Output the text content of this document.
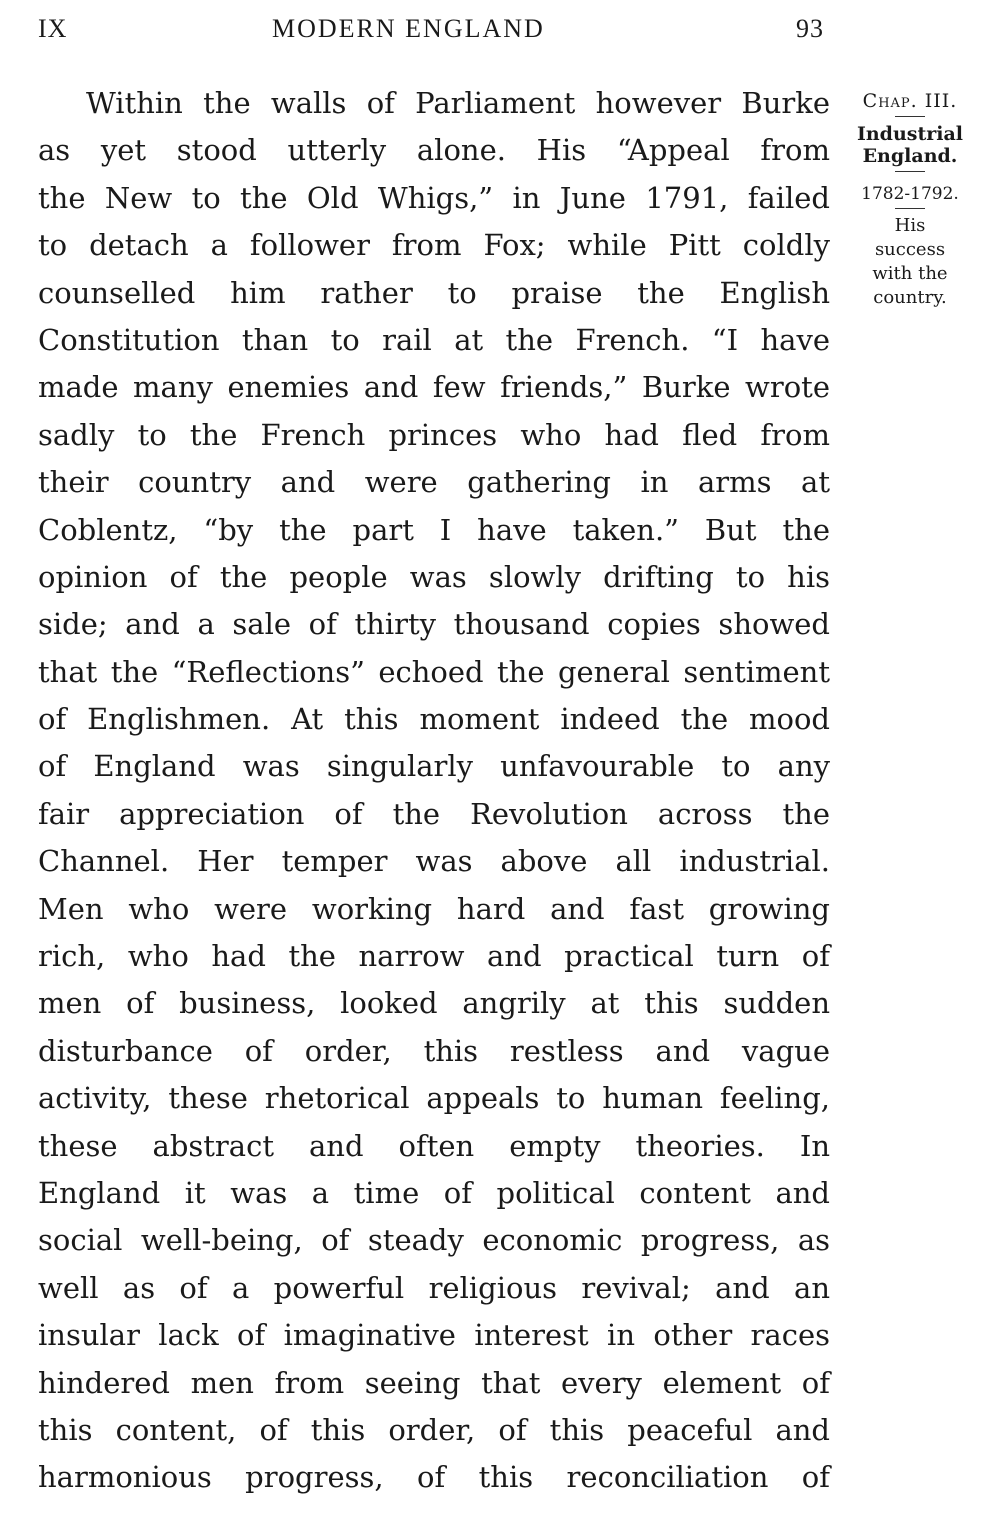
IX	MODERN ENGLAND	93
Within the walls of Parliament however Burke
as yet stood utterly alone. His “Appeal from
the New to the Old Whigs,” in June 1791, failed
to detach a follower from Fox; while Pitt coldly
counselled him rather to praise the English
Constitution than to rail at the French. “I have
made many enemies and few friends,” Burke wrote
sadly to the French princes who had fled from
their country and were gathering in arms at
Coblentz, “by the part I have taken.” But the
opinion of the people was slowly drifting to his
side; and a sale of thirty thousand copies showed
that the “Reflections” echoed the general sentiment
of Englishmen. At this moment indeed the mood
of England was singularly unfavourable to any
fair appreciation of the Revolution across the
Channel. Her temper was above all industrial.
Men who were working hard and fast growing
rich, who had the narrow and practical turn of
men of business, looked angrily at this sudden
disturbance of order, this restless and vague
activity, these rhetorical appeals to human feeling,
these abstract and often empty theories. In
England it was a time of political content and
social well-being, of steady economic progress, as
well as of a powerful religious revival; and an
insular lack of imaginative interest in other races
hindered men from seeing that every element of
this content, of this order, of this peaceful and
harmonious progress, of this reconciliation of
Chap. III.
Industrial
England.
1782-1792.
His
success
with the
country.
